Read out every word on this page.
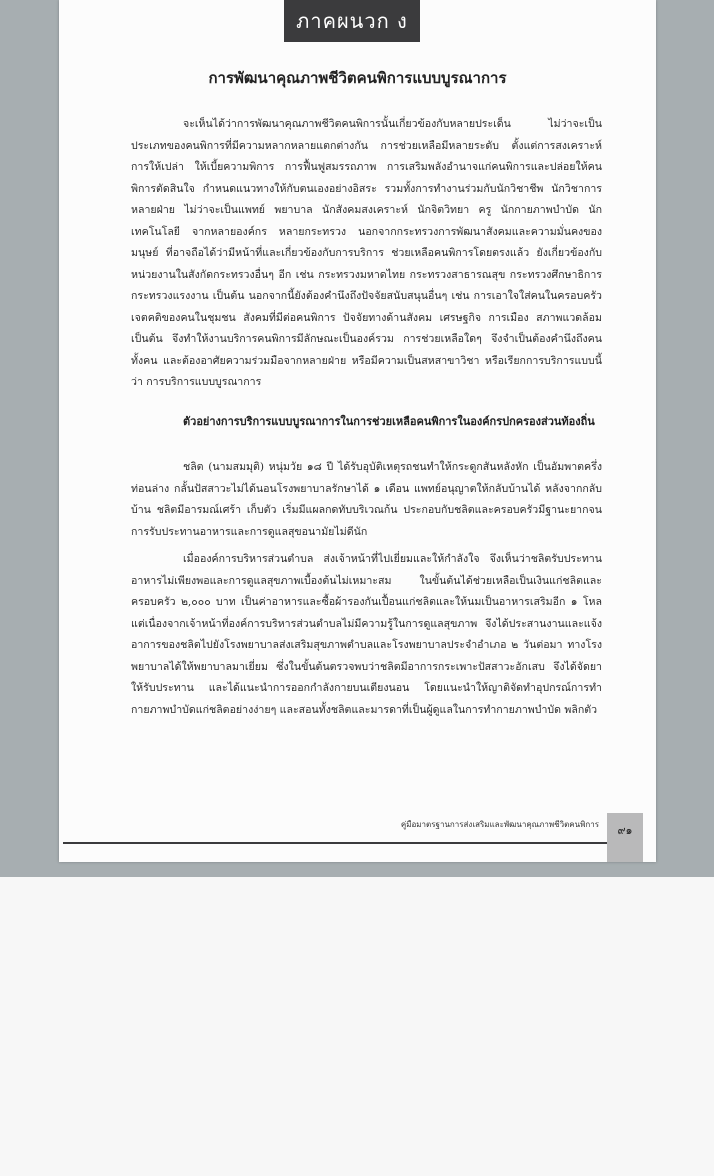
ภาคผนวก ง
การพัฒนาคุณภาพชีวิตคนพิการแบบบูรณาการ

จะเห็นได้ว่าการพัฒนาคุณภาพชีวิตคนพิการนั้นเกี่ยวข้องกับหลายประเด็น ไม่ว่าจะเป็นประเภทของคนพิการที่มีความหลากหลายแตกต่างกัน การช่วยเหลือมีหลายระดับ ตั้งแต่การสงเคราะห์ การให้เปล่า ให้เบี้ยความพิการ การฟื้นฟูสมรรถภาพ การเสริมพลังอำนาจแก่คนพิการและปล่อยให้คนพิการตัดสินใจ กำหนดแนวทางให้กับตนเองอย่างอิสระ รวมทั้งการทำงานร่วมกับนักวิชาชีพ นักวิชาการหลายฝ่าย ไม่ว่าจะเป็นแพทย์ พยาบาล นักสังคมสงเคราะห์ นักจิตวิทยา ครู นักกายภาพบำบัด นักเทคโนโลยี จากหลายองค์กร หลายกระทรวง นอกจากกระทรวงการพัฒนาสังคมและความมั่นคงของมนุษย์ ที่อาจถือได้ว่ามีหน้าที่และเกี่ยวข้องกับการบริการ ช่วยเหลือคนพิการโดยตรงแล้ว ยังเกี่ยวข้องกับหน่วยงานในสังกัดกระทรวงอื่นๆ อีก เช่น กระทรวงมหาดไทย กระทรวงสาธารณสุข กระทรวงศึกษาธิการ กระทรวงแรงงาน เป็นต้น นอกจากนี้ยังต้องคำนึงถึงปัจจัยสนับสนุนอื่นๆ เช่น การเอาใจใส่คนในครอบครัว เจตคติของคนในชุมชน สังคมที่มีต่อคนพิการ ปัจจัยทางด้านสังคม เศรษฐกิจ การเมือง สภาพแวดล้อม เป็นต้น จึงทำให้งานบริการคนพิการมีลักษณะเป็นองค์รวม การช่วยเหลือใดๆ จึงจำเป็นต้องคำนึงถึงคนทั้งคน และต้องอาศัยความร่วมมือจากหลายฝ่าย หรือมีความเป็นสหสาขาวิชา หรือเรียกการบริการแบบนี้ว่า การบริการแบบบูรณาการ

ตัวอย่างการบริการแบบบูรณาการในการช่วยเหลือคนพิการในองค์กรปกครองส่วนท้องถิ่น

ชลิต (นามสมมุติ) หนุ่มวัย ๑๘ ปี ได้รับอุบัติเหตุรถชนทำให้กระดูกสันหลังหัก เป็นอัมพาตครึ่งท่อนล่าง กลั้นปัสสาวะไม่ได้นอนโรงพยาบาลรักษาได้ ๑ เดือน แพทย์อนุญาตให้กลับบ้านได้ หลังจากกลับบ้าน ชลิตมีอารมณ์เศร้า เก็บตัว เริ่มมีแผลกดทับบริเวณก้น ประกอบกับชลิตและครอบครัวมีฐานะยากจน การรับประทานอาหารและการดูแลสุขอนามัยไม่ดีนัก

เมื่อองค์การบริหารส่วนตำบล ส่งเจ้าหน้าที่ไปเยี่ยมและให้กำลังใจ จึงเห็นว่าชลิตรับประทานอาหารไม่เพียงพอและการดูแลสุขภาพเบื้องต้นไม่เหมาะสม ในขั้นต้นได้ช่วยเหลือเป็นเงินแก่ชลิตและครอบครัว ๒,๐๐๐ บาท เป็นค่าอาหารและซื้อผ้ารองกันเปื้อนแก่ชลิตและให้นมเป็นอาหารเสริมอีก ๑ โหลแต่เนื่องจากเจ้าหน้าที่องค์การบริหารส่วนตำบลไม่มีความรู้ในการดูแลสุขภาพ จึงได้ประสานงานและแจ้งอาการของชลิตไปยังโรงพยาบาลส่งเสริมสุขภาพตำบลและโรงพยาบาลประจำอำเภอ ๒ วันต่อมา ทางโรงพยาบาลได้ให้พยาบาลมาเยี่ยม ซึ่งในขั้นต้นตรวจพบว่าชลิตมีอาการกระเพาะปัสสาวะอักเสบ จึงได้จัดยาให้รับประทาน และได้แนะนำการออกกำลังกายบนเตียงนอน โดยแนะนำให้ญาติจัดทำอุปกรณ์การทำกายภาพบำบัดแก่ชลิตอย่างง่ายๆ และสอนทั้งชลิตและมารดาที่เป็นผู้ดูแลในการทำกายภาพบำบัด พลิกตัว

คู่มือมาตรฐานการส่งเสริมและพัฒนาคุณภาพชีวิตคนพิการ	๙๑
